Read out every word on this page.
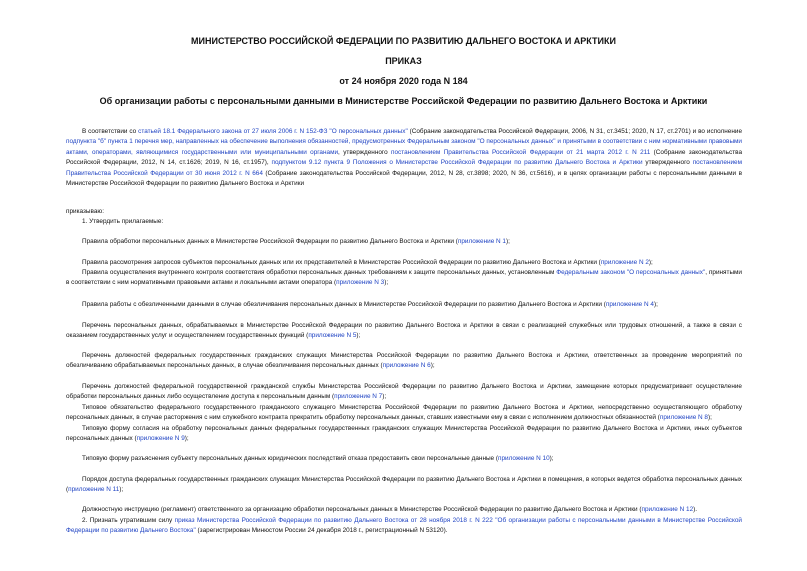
МИНИСТЕРСТВО РОССИЙСКОЙ ФЕДЕРАЦИИ ПО РАЗВИТИЮ ДАЛЬНЕГО ВОСТОКА И АРКТИКИ
ПРИКАЗ
от 24 ноября 2020 года N 184
Об организации работы с персональными данными в Министерстве Российской Федерации по развитию Дальнего Востока и Арктики
В соответствии со статьей 18.1 Федерального закона от 27 июля 2006 г. N 152-ФЗ "О персональных данных" (Собрание законодательства Российской Федерации, 2006, N 31, ст.3451; 2020, N 17, ст.2701) и во исполнение подпункта "б" пункта 1 перечня мер, направленных на обеспечение выполнения обязанностей, предусмотренных Федеральным законом "О персональных данных" и принятыми в соответствии с ним нормативными правовыми актами, операторами, являющимися государственными или муниципальными органами, утвержденного постановлением Правительства Российской Федерации от 21 марта 2012 г. N 211 (Собрание законодательства Российской Федерации, 2012, N 14, ст.1626; 2019, N 16, ст.1957), подпунктом 9.12 пункта 9 Положения о Министерстве Российской Федерации по развитию Дальнего Востока и Арктики утвержденного постановлением Правительства Российской Федерации от 30 июня 2012 г. N 664 (Собрание законодательства Российской Федерации, 2012, N 28, ст.3898; 2020, N 36, ст.5616), и в целях организации работы с персональными данными в Министерстве Российской Федерации по развитию Дальнего Востока и Арктики
приказываю:
1. Утвердить прилагаемые:
Правила обработки персональных данных в Министерстве Российской Федерации по развитию Дальнего Востока и Арктики (приложение N 1);
Правила рассмотрения запросов субъектов персональных данных или их представителей в Министерстве Российской Федерации по развитию Дальнего Востока и Арктики (приложение N 2);
Правила осуществления внутреннего контроля соответствия обработки персональных данных требованиям к защите персональных данных, установленным Федеральным законом "О персональных данных", принятыми в соответствии с ним нормативными правовыми актами и локальными актами оператора (приложение N 3);
Правила работы с обезличенными данными в случае обезличивания персональных данных в Министерстве Российской Федерации по развитию Дальнего Востока и Арктики (приложение N 4);
Перечень персональных данных, обрабатываемых в Министерстве Российской Федерации по развитию Дальнего Востока и Арктики в связи с реализацией служебных или трудовых отношений, а также в связи с оказанием государственных услуг и осуществлением государственных функций (приложение N 5);
Перечень должностей федеральных государственных гражданских служащих Министерства Российской Федерации по развитию Дальнего Востока и Арктики, ответственных за проведение мероприятий по обезличиванию обрабатываемых персональных данных, в случае обезличивания персональных данных (приложение N 6);
Перечень должностей федеральной государственной гражданской службы Министерства Российской Федерации по развитию Дальнего Востока и Арктики, замещение которых предусматривает осуществление обработки персональных данных либо осуществление доступа к персональным данным (приложение N 7);
Типовое обязательство федерального государственного гражданского служащего Министерства Российской Федерации по развитию Дальнего Востока и Арктики, непосредственно осуществляющего обработку персональных данных, в случае расторжения с ним служебного контракта прекратить обработку персональных данных, ставших известными ему в связи с исполнением должностных обязанностей (приложение N 8);
Типовую форму согласия на обработку персональных данных федеральных государственных гражданских служащих Министерства Российской Федерации по развитию Дальнего Востока и Арктики, иных субъектов персональных данных (приложение N 9);
Типовую форму разъяснения субъекту персональных данных юридических последствий отказа предоставить свои персональные данные (приложение N 10);
Порядок доступа федеральных государственных гражданских служащих Министерства Российской Федерации по развитию Дальнего Востока и Арктики в помещения, в которых ведется обработка персональных данных (приложение N 11);
Должностную инструкцию (регламент) ответственного за организацию обработки персональных данных в Министерстве Российской Федерации по развитию Дальнего Востока и Арктики (приложение N 12).
2. Признать утратившим силу приказ Министерства Российской Федерации по развитию Дальнего Востока от 28 ноября 2018 г. N 222 "Об организации работы с персональными данными в Министерстве Российской Федерации по развитию Дальнего Востока" (зарегистрирован Минюстом России 24 декабря 2018 г., регистрационный N 53120).
